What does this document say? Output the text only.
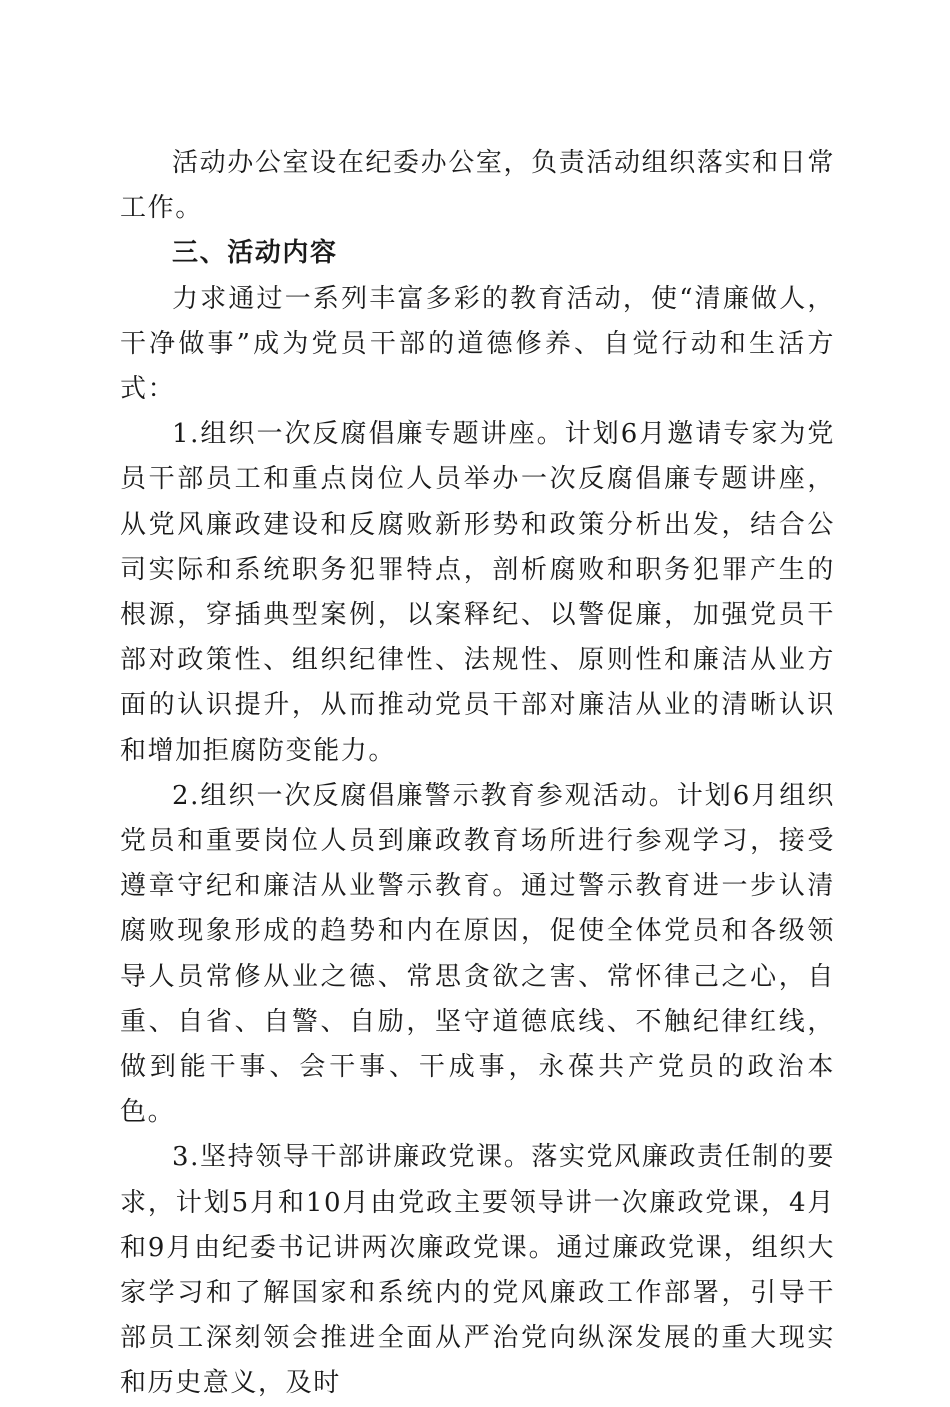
活动办公室设在纪委办公室，负责活动组织落实和日常工作。

三、活动内容

力求通过一系列丰富多彩的教育活动，使“清廉做人，干净做事”成为党员干部的道德修养、自觉行动和生活方式：

1.组织一次反腐倡廉专题讲座。计划6月邀请专家为党员干部员工和重点岗位人员举办一次反腐倡廉专题讲座，从党风廉政建设和反腐败新形势和政策分析出发，结合公司实际和系统职务犯罪特点，剖析腐败和职务犯罪产生的根源，穿插典型案例，以案释纪、以警促廉，加强党员干部对政策性、组织纪律性、法规性、原则性和廉洁从业方面的认识提升，从而推动党员干部对廉洁从业的清晰认识和增加拒腐防变能力。

2.组织一次反腐倡廉警示教育参观活动。计划6月组织党员和重要岗位人员到廉政教育场所进行参观学习，接受遵章守纪和廉洁从业警示教育。通过警示教育进一步认清腐败现象形成的趋势和内在原因，促使全体党员和各级领导人员常修从业之德、常思贪欲之害、常怀律己之心，自重、自省、自警、自励，坚守道德底线、不触纪律红线，做到能干事、会干事、干成事，永葆共产党员的政治本色。

3.坚持领导干部讲廉政党课。落实党风廉政责任制的要求，计划5月和10月由党政主要领导讲一次廉政党课，4月和9月由纪委书记讲两次廉政党课。通过廉政党课，组织大家学习和了解国家和系统内的党风廉政工作部署，引导干部员工深刻领会推进全面从严治党向纵深发展的重大现实和历史意义，及时
